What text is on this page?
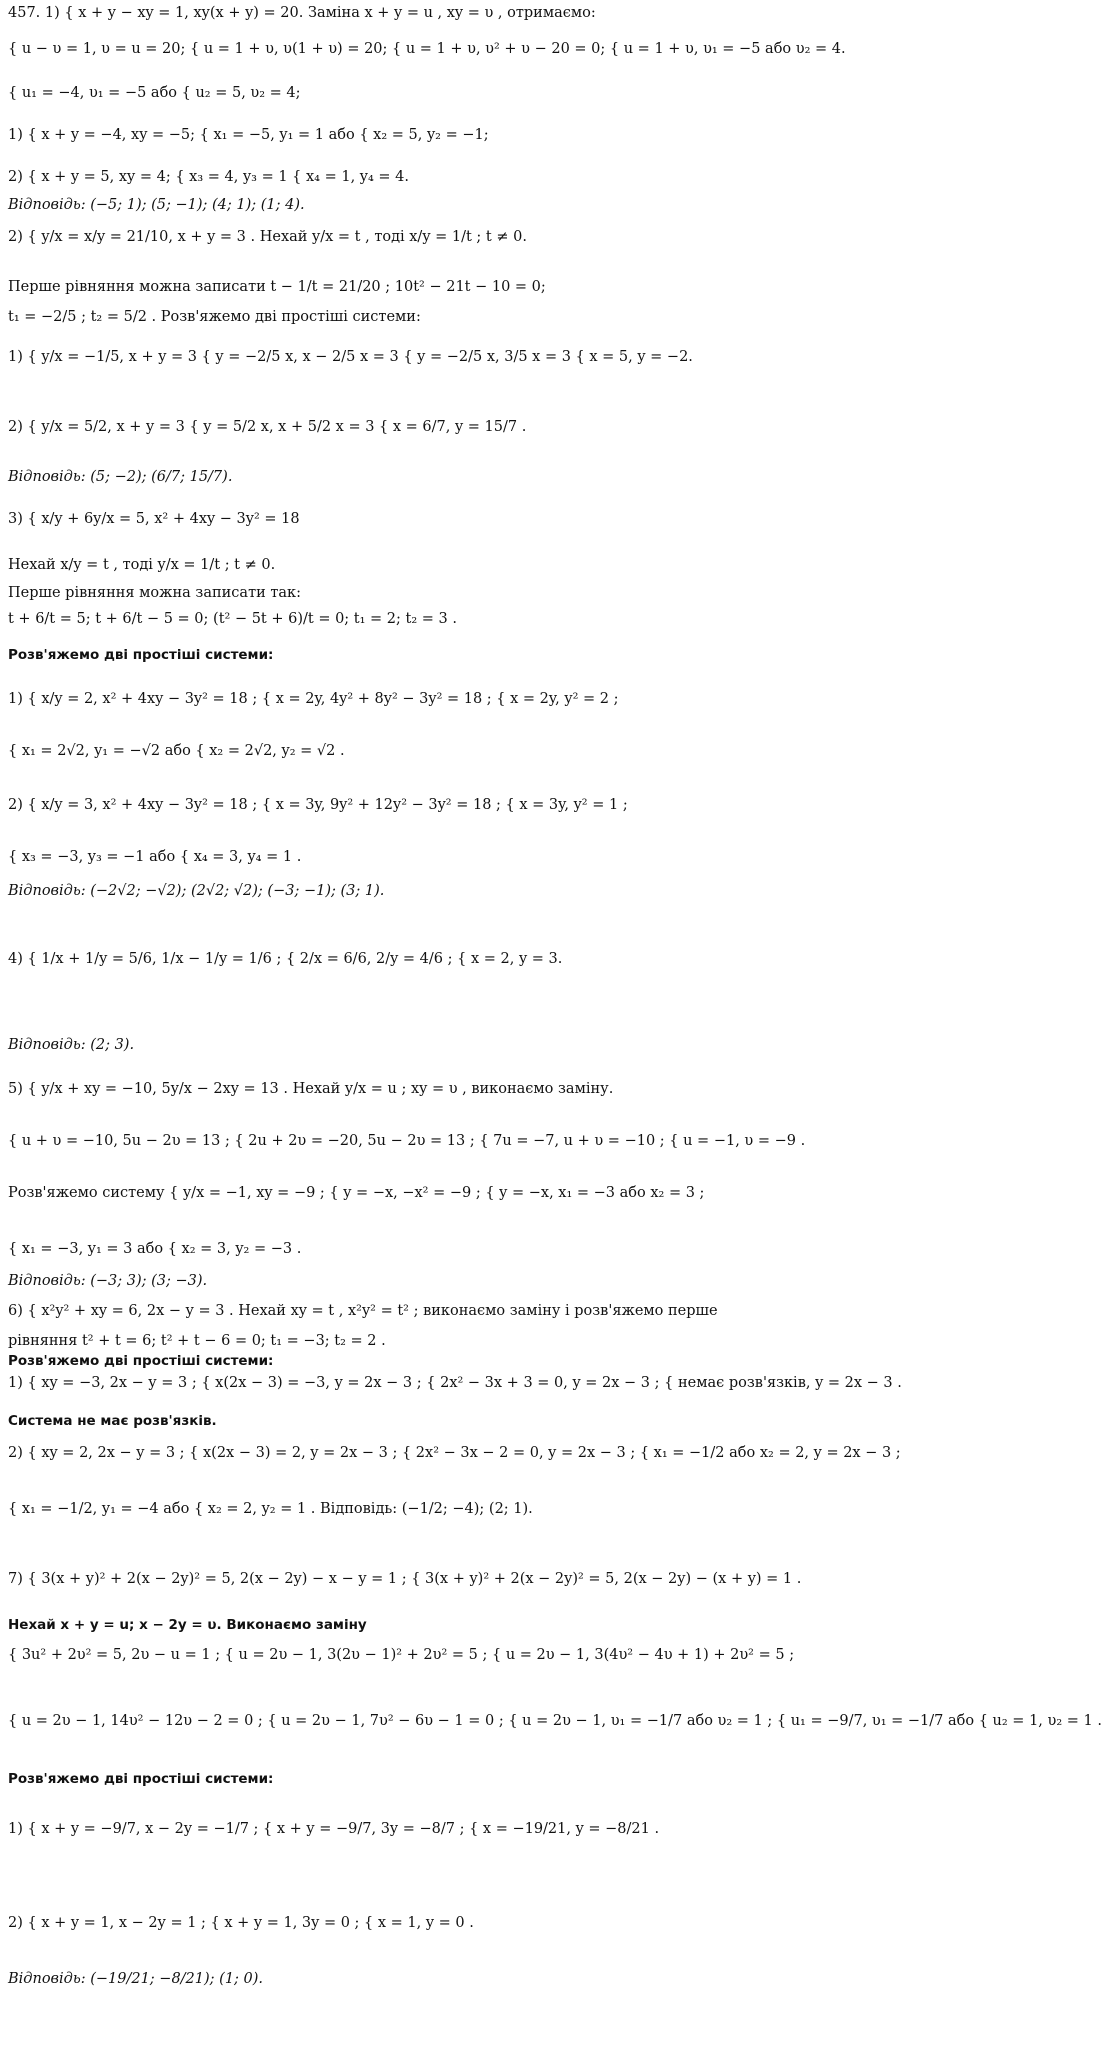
457. 1) { x + y − xy = 1, xy(x + y) = 20. Заміна x + y = u , xy = υ , отримаємо:
{ u − υ = 1, υ = u = 20; { u = 1 + υ, υ(1 + υ) = 20; { u = 1 + υ, υ² + υ − 20 = 0; { u = 1 + υ, υ₁ = −5 або υ₂ = 4.
{ u₁ = −4, υ₁ = −5 або { u₂ = 5, υ₂ = 4;
1) { x + y = −4, xy = −5; { x₁ = −5, y₁ = 1 або { x₂ = 5, y₂ = −1;
2) { x + y = 5, xy = 4; { x₃ = 4, y₃ = 1 { x₄ = 1, y₄ = 4.
Відповідь: (−5; 1); (5; −1); (4; 1); (1; 4).
2) { y/x = x/y = 21/10, x + y = 3 . Нехай y/x = t , тоді x/y = 1/t ; t ≠ 0.
Перше рівняння можна записати t − 1/t = 21/20 ; 10t² − 21t − 10 = 0;
t₁ = −2/5 ; t₂ = 5/2 . Розв'яжемо дві простіші системи:
1) { y/x = −1/5, x + y = 3 { y = −2/5 x, x − 2/5 x = 3 { y = −2/5 x, 3/5 x = 3 { x = 5, y = −2.
2) { y/x = 5/2, x + y = 3 { y = 5/2 x, x + 5/2 x = 3 { x = 6/7, y = 15/7 .
Відповідь: (5; −2); (6/7; 15/7).
3) { x/y + 6y/x = 5, x² + 4xy − 3y² = 18
Нехай x/y = t , тоді y/x = 1/t ; t ≠ 0.
Перше рівняння можна записати так:
t + 6/t = 5; t + 6/t − 5 = 0; (t² − 5t + 6)/t = 0; t₁ = 2; t₂ = 3 .
Розв'яжемо дві простіші системи:
1) { x/y = 2, x² + 4xy − 3y² = 18 ; { x = 2y, 4y² + 8y² − 3y² = 18 ; { x = 2y, y² = 2 ;
{ x₁ = 2√2, y₁ = −√2 або { x₂ = 2√2, y₂ = √2 .
2) { x/y = 3, x² + 4xy − 3y² = 18 ; { x = 3y, 9y² + 12y² − 3y² = 18 ; { x = 3y, y² = 1 ;
{ x₃ = −3, y₃ = −1 або { x₄ = 3, y₄ = 1 .
Відповідь: (−2√2; −√2); (2√2; √2); (−3; −1); (3; 1).
4) { 1/x + 1/y = 5/6, 1/x − 1/y = 1/6 ; { 2/x = 6/6, 2/y = 4/6 ; { x = 2, y = 3.
Відповідь: (2; 3).
5) { y/x + xy = −10, 5y/x − 2xy = 13 . Нехай y/x = u ; xy = υ , виконаємо заміну.
{ u + υ = −10, 5u − 2υ = 13 ; { 2u + 2υ = −20, 5u − 2υ = 13 ; { 7u = −7, u + υ = −10 ; { u = −1, υ = −9 .
Розв'яжемо систему { y/x = −1, xy = −9 ; { y = −x, −x² = −9 ; { y = −x, x₁ = −3 або x₂ = 3 ;
{ x₁ = −3, y₁ = 3 або { x₂ = 3, y₂ = −3 .
Відповідь: (−3; 3); (3; −3).
6) { x²y² + xy = 6, 2x − y = 3 . Нехай xy = t , x²y² = t² ; виконаємо заміну і розв'яжемо перше
рівняння t² + t = 6; t² + t − 6 = 0; t₁ = −3; t₂ = 2 .
Розв'яжемо дві простіші системи:
1) { xy = −3, 2x − y = 3 ; { x(2x − 3) = −3, y = 2x − 3 ; { 2x² − 3x + 3 = 0, y = 2x − 3 ; { немає розв'язків, y = 2x − 3 .
Система не має розв'язків.
2) { xy = 2, 2x − y = 3 ; { x(2x − 3) = 2, y = 2x − 3 ; { 2x² − 3x − 2 = 0, y = 2x − 3 ; { x₁ = −1/2 або x₂ = 2, y = 2x − 3 ;
{ x₁ = −1/2, y₁ = −4 або { x₂ = 2, y₂ = 1 . Відповідь: (−1/2; −4); (2; 1).
7) { 3(x + y)² + 2(x − 2y)² = 5, 2(x − 2y) − x − y = 1 ; { 3(x + y)² + 2(x − 2y)² = 5, 2(x − 2y) − (x + y) = 1 .
Нехай x + y = u; x − 2y = υ. Виконаємо заміну
{ 3u² + 2υ² = 5, 2υ − u = 1 ; { u = 2υ − 1, 3(2υ − 1)² + 2υ² = 5 ; { u = 2υ − 1, 3(4υ² − 4υ + 1) + 2υ² = 5 ;
{ u = 2υ − 1, 14υ² − 12υ − 2 = 0 ; { u = 2υ − 1, 7υ² − 6υ − 1 = 0 ; { u = 2υ − 1, υ₁ = −1/7 або υ₂ = 1 ; { u₁ = −9/7, υ₁ = −1/7 або { u₂ = 1, υ₂ = 1 .
Розв'яжемо дві простіші системи:
1) { x + y = −9/7, x − 2y = −1/7 ; { x + y = −9/7, 3y = −8/7 ; { x = −19/21, y = −8/21 .
2) { x + y = 1, x − 2y = 1 ; { x + y = 1, 3y = 0 ; { x = 1, y = 0 .
Відповідь: (−19/21; −8/21); (1; 0).
